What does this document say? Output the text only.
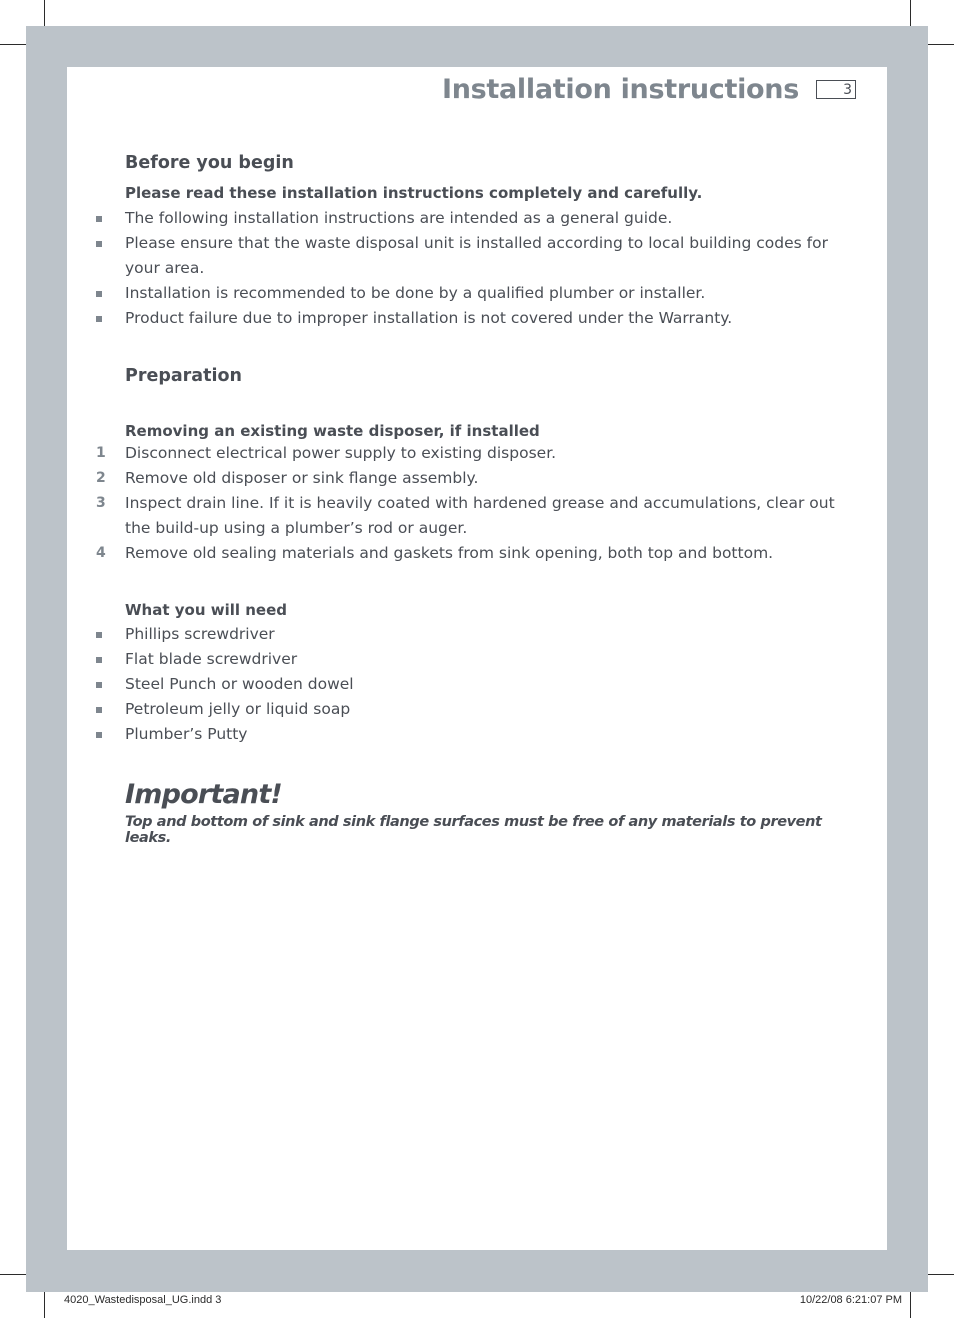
Installation instructions	3
Before you begin

Please read these installation instructions completely and carefully.

The following installation instructions are intended as a general guide.
Please ensure that the waste disposal unit is installed according to local building codes for your area.
Installation is recommended to be done by a qualified plumber or installer.
Product failure due to improper installation is not covered under the Warranty.
Preparation

Removing an existing waste disposer, if installed

1 Disconnect electrical power supply to existing disposer.
2 Remove old disposer or sink flange assembly.
3 Inspect drain line. If it is heavily coated with hardened grease and accumulations, clear out the build-up using a plumber’s rod or auger.
4 Remove old sealing materials and gaskets from sink opening, both top and bottom.

What you will need

Phillips screwdriver
Flat blade screwdriver
Steel Punch or wooden dowel
Petroleum jelly or liquid soap
Plumber’s Putty

Important!

Top and bottom of sink and sink flange surfaces must be free of any materials to prevent leaks.

4020_Wastedisposal_UG.indd 3	10/22/08 6:21:07 PM
